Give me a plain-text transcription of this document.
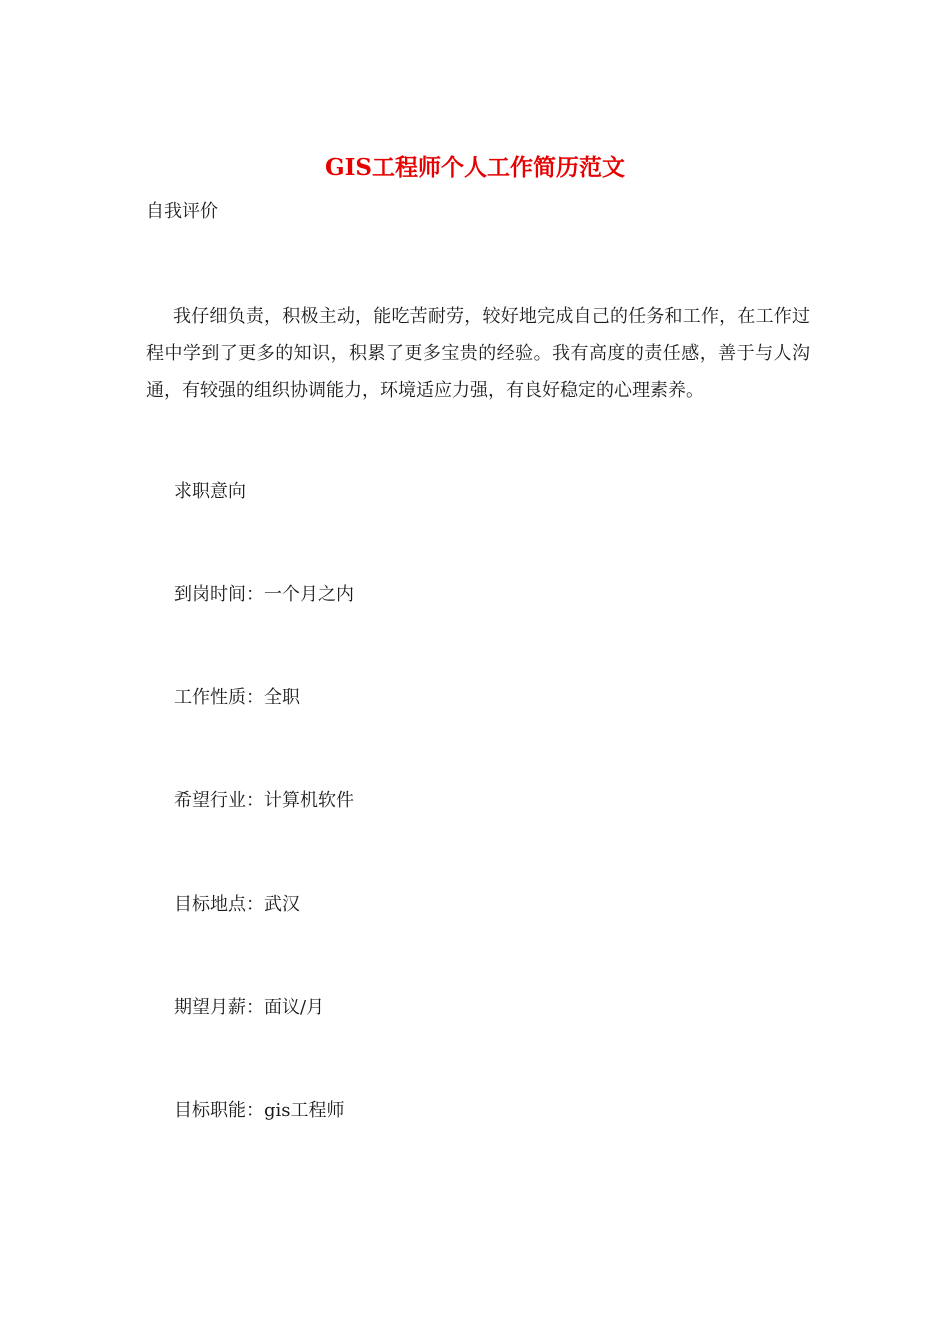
GIS工程师个人工作简历范文

自我评价

我仔细负责，积极主动，能吃苦耐劳，较好地完成自己的任务和工作，在工作过程中学到了更多的知识，积累了更多宝贵的经验。我有高度的责任感，善于与人沟通，有较强的组织协调能力，环境适应力强，有良好稳定的心理素养。

求职意向

到岗时间：一个月之内

工作性质：全职

希望行业：计算机软件

目标地点：武汉

期望月薪：面议/月

目标职能：gis工程师
